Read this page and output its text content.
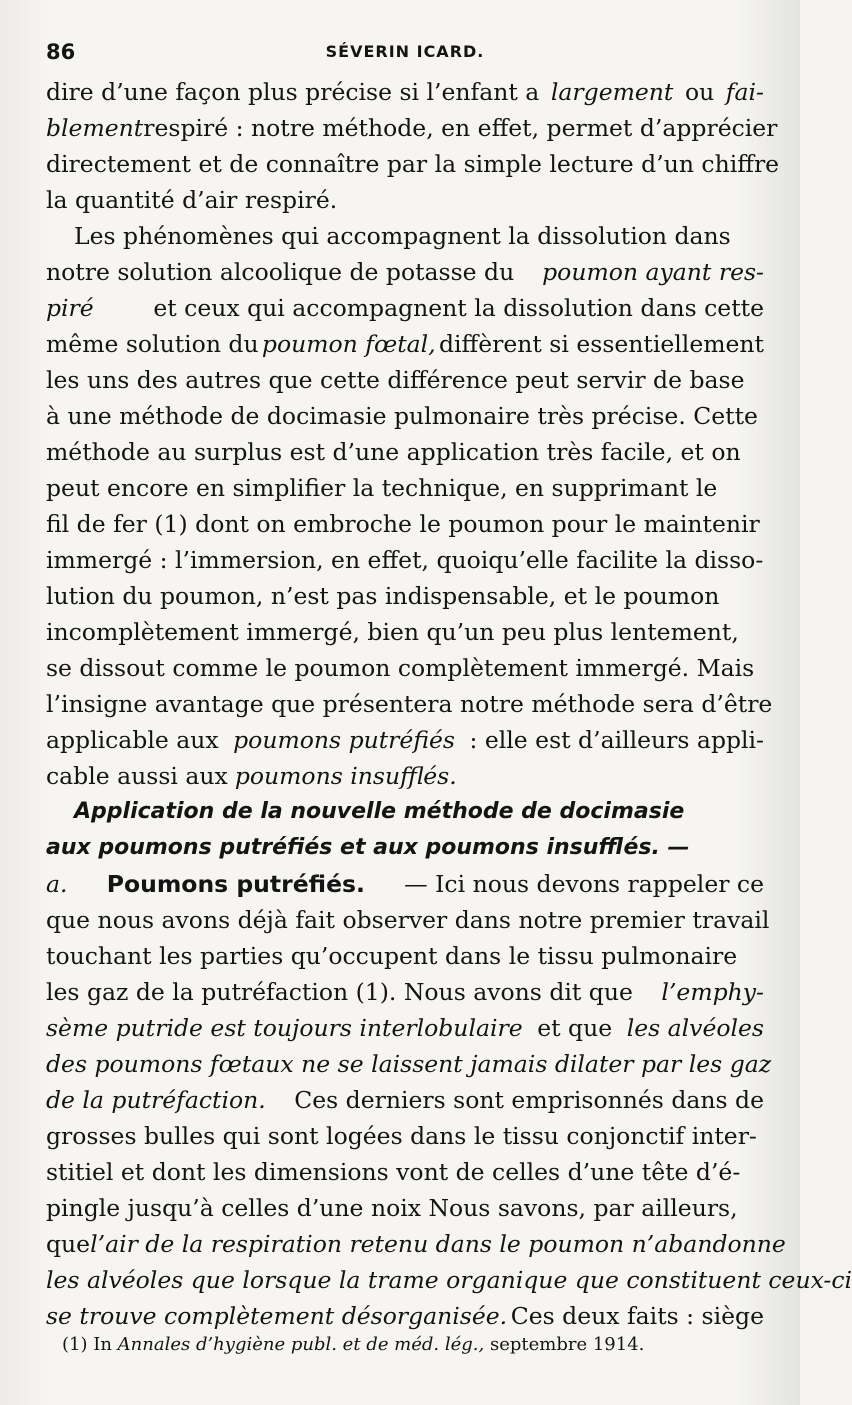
86	SÉVERIN ICARD.
dire d’une façon plus précise si l’enfant a largement ou fai-
blement respiré : notre méthode, en effet, permet d’apprécier
directement et de connaître par la simple lecture d’un chiffre
la quantité d’air respiré.
Les phénomènes qui accompagnent la dissolution dans
notre solution alcoolique de potasse du poumon ayant res-
piré	et ceux qui accompagnent la dissolution dans cette
même solution du poumon fœtal, diffèrent si essentiellement
les uns des autres que cette différence peut servir de base
à une méthode de docimasie pulmonaire très précise. Cette
méthode au surplus est d’une application très facile, et on
peut encore en simplifier la technique, en supprimant le
fil de fer (1) dont on embroche le poumon pour le maintenir
immergé : l’immersion, en effet, quoiqu’elle facilite la disso-
lution du poumon, n’est pas indispensable, et le poumon
incomplètement immergé, bien qu’un peu plus lentement,
se dissout comme le poumon complètement immergé. Mais
l’insigne avantage que présentera notre méthode sera d’être
applicable aux poumons putréfiés : elle est d’ailleurs appli-
cable aussi aux poumons insufflés.
Application de la nouvelle méthode de docimasie
aux poumons putréfiés et aux poumons insufflés. —
a. Poumons putréfiés. — Ici nous devons rappeler ce
que nous avons déjà fait observer dans notre premier travail
touchant les parties qu’occupent dans le tissu pulmonaire
les gaz de la putréfaction (1). Nous avons dit que l’emphy-
sème putride est toujours interlobulaire et que les alvéoles
des poumons fœtaux ne se laissent jamais dilater par les gaz
de la putréfaction. Ces derniers sont emprisonnés dans de
grosses bulles qui sont logées dans le tissu conjonctif inter-
stitiel et dont les dimensions vont de celles d’une tête d’é-
pingle jusqu’à celles d’une noix Nous savons, par ailleurs,
que l’air de la respiration retenu dans le poumon n’abandonne
les alvéoles que lorsque la trame organique que constituent ceux-ci
se trouve complètement désorganisée. Ces deux faits : siège
(1) In Annales d’hygiène publ. et de méd. lég., septembre 1914.
